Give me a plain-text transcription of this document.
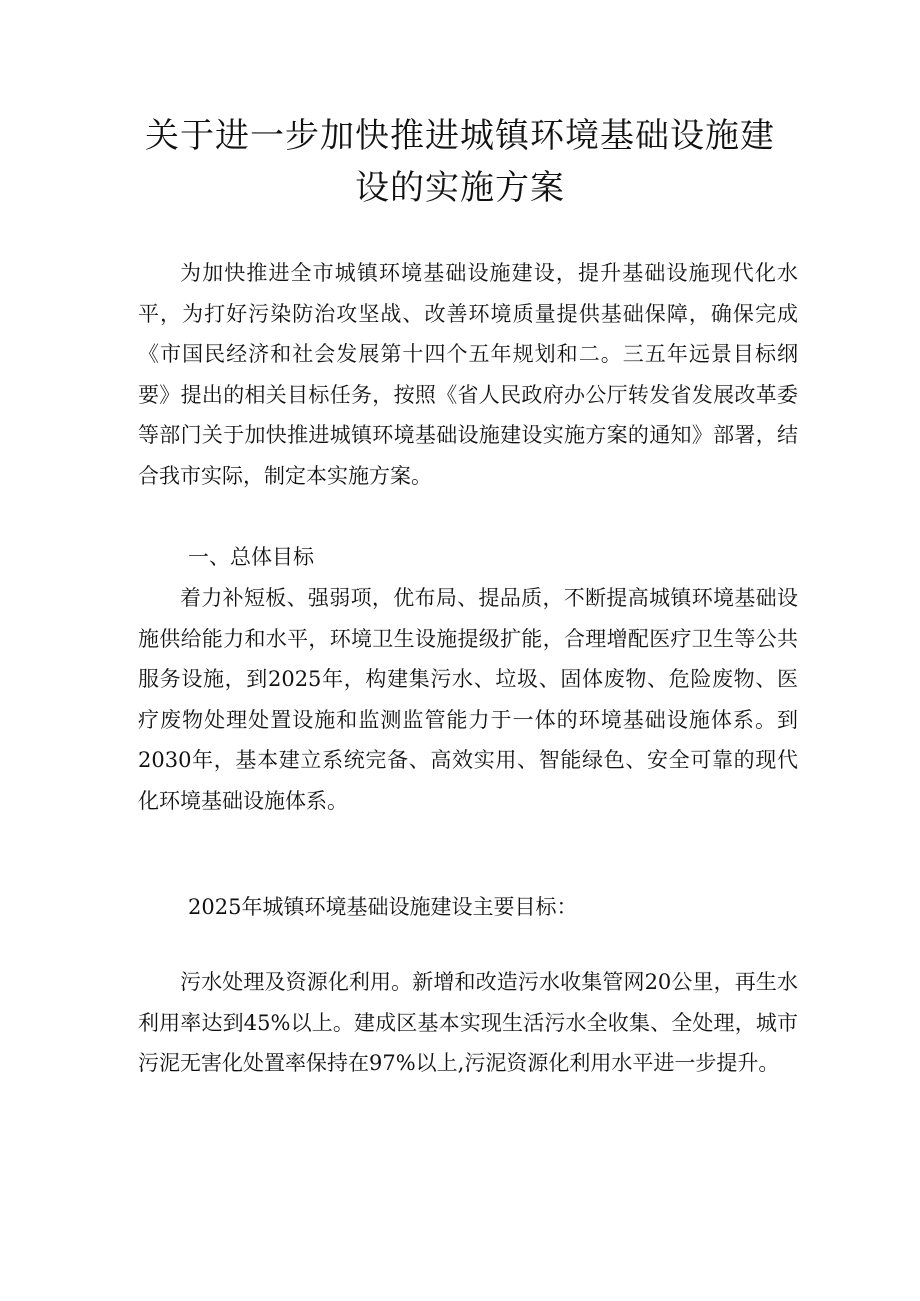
关于进一步加快推进城镇环境基础设施建
设的实施方案

为加快推进全市城镇环境基础设施建设，提升基础设施现代化水平，为打好污染防治攻坚战、改善环境质量提供基础保障，确保完成《市国民经济和社会发展第十四个五年规划和二。三五年远景目标纲要》提出的相关目标任务，按照《省人民政府办公厅转发省发展改革委等部门关于加快推进城镇环境基础设施建设实施方案的通知》部署，结合我市实际，制定本实施方案。

一、总体目标

着力补短板、强弱项，优布局、提品质，不断提高城镇环境基础设施供给能力和水平，环境卫生设施提级扩能，合理增配医疗卫生等公共服务设施，到2025年，构建集污水、垃圾、固体废物、危险废物、医疗废物处理处置设施和监测监管能力于一体的环境基础设施体系。到2030年，基本建立系统完备、高效实用、智能绿色、安全可靠的现代化环境基础设施体系。

2025年城镇环境基础设施建设主要目标：

污水处理及资源化利用。新增和改造污水收集管网20公里，再生水利用率达到45%以上。建成区基本实现生活污水全收集、全处理，城市污泥无害化处置率保持在97%以上,污泥资源化利用水平进一步提升。
